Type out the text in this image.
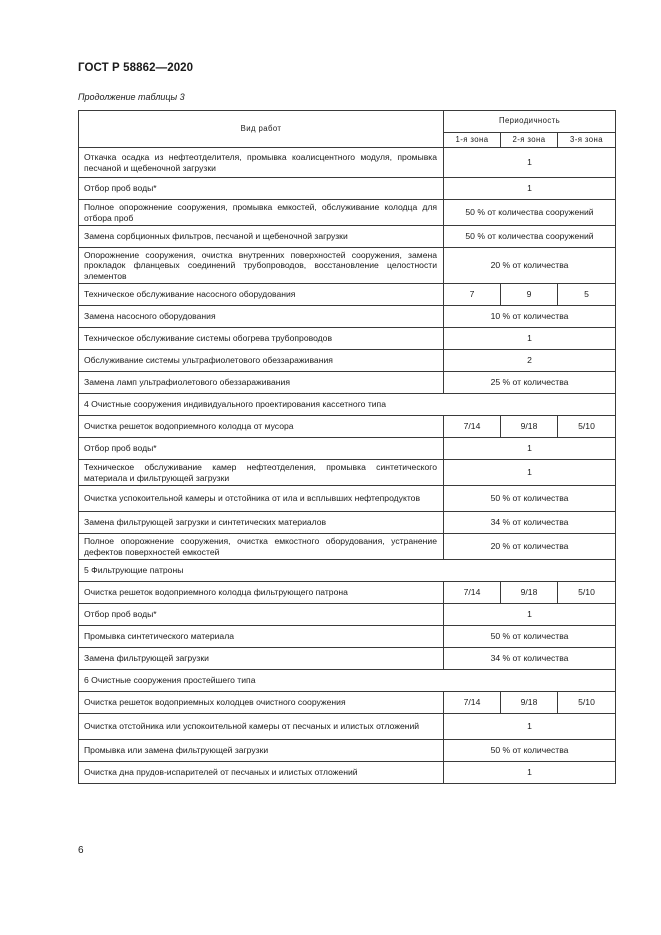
ГОСТ Р 58862—2020
Продолжение таблицы 3
Вид работ	Периодичность		
	1-я зона	2-я зона	3-я зона
Откачка осадка из нефтеотделителя, промывка коалисцентного модуля, промывка песчаной и щебеночной загрузки	1		
Отбор проб воды*	1		
Полное опорожнение сооружения, промывка емкостей, обслуживание колодца для отбора проб	50 % от количества сооружений		
Замена сорбционных фильтров, песчаной и щебеночной загрузки	50 % от количества сооружений		
Опорожнение сооружения, очистка внутренних поверхностей сооружения, замена прокладок фланцевых соединений трубопроводов, восстановление целостности элементов	20 % от количества		
Техническое обслуживание насосного оборудования	7	9	5
Замена насосного оборудования	10 % от количества		
Техническое обслуживание системы обогрева трубопроводов	1		
Обслуживание системы ультрафиолетового обеззараживания	2		
Замена ламп ультрафиолетового обеззараживания	25 % от количества		
4 Очистные сооружения индивидуального проектирования кассетного типа			
Очистка решеток водоприемного колодца от мусора	7/14	9/18	5/10
Отбор проб воды*	1		
Техническое обслуживание камер нефтеотделения, промывка синтетического материала и фильтрующей загрузки	1		
Очистка успокоительной камеры и отстойника от ила и всплывших нефтепродуктов	50 % от количества		
Замена фильтрующей загрузки и синтетических материалов	34 % от количества		
Полное опорожнение сооружения, очистка емкостного оборудования, устранение дефектов поверхностей емкостей	20 % от количества		
5 Фильтрующие патроны			
Очистка решеток водоприемного колодца фильтрующего патрона	7/14	9/18	5/10
Отбор проб воды*	1		
Промывка синтетического материала	50 % от количества		
Замена фильтрующей загрузки	34 % от количества		
6 Очистные сооружения простейшего типа			
Очистка решеток водоприемных колодцев очистного сооружения	7/14	9/18	5/10
Очистка отстойника или успокоительной камеры от песчаных и илистых отложений	1		
Промывка или замена фильтрующей загрузки	50 % от количества		
Очистка дна прудов-испарителей от песчаных и илистых отложений	1		
6
